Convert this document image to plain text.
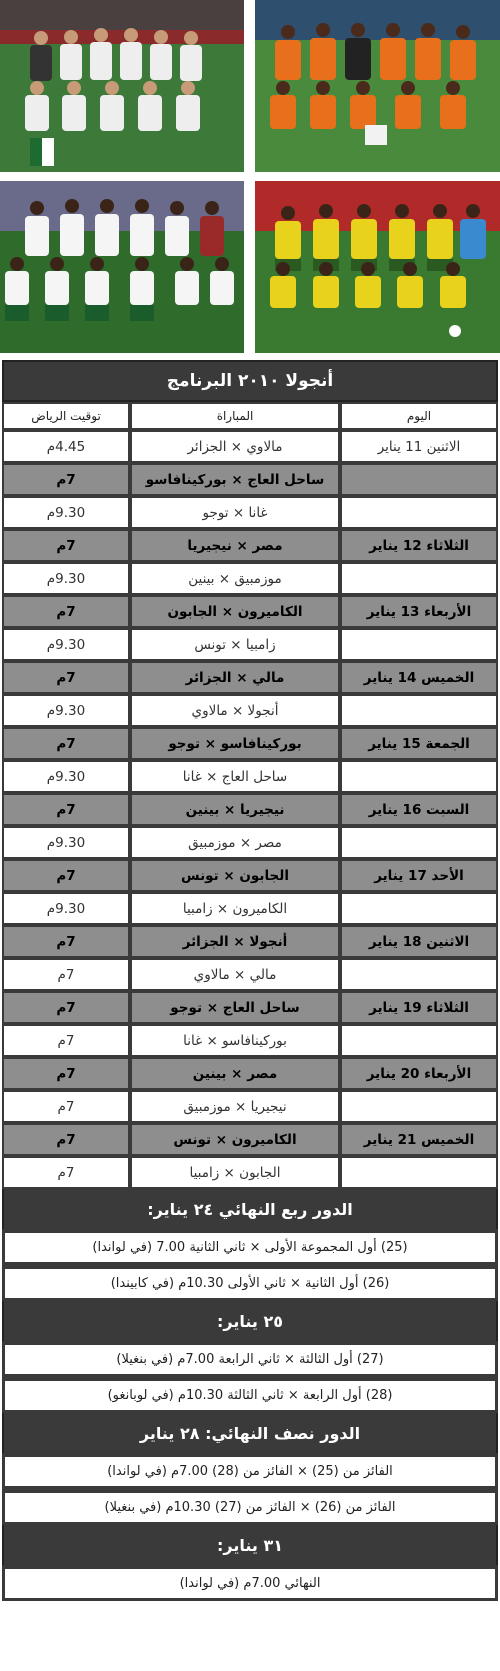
أنجولا ٢٠١٠ البرنامج
اليوم	المباراة	توقيت الرياض
الاثنين 11 يناير	مالاوي × الجزائر	4.45م
	ساحل العاج × بوركينافاسو	7م
	غانا × توجو	9.30م
الثلاثاء 12 يناير	مصر × نيجيريا	7م
	موزمبيق × بينين	9.30م
الأربعاء 13 يناير	الكاميرون × الجابون	7م
	زامبيا × تونس	9.30م
الخميس 14 يناير	مالي × الجزائر	7م
	أنجولا × مالاوي	9.30م
الجمعة 15 يناير	بوركينافاسو × توجو	7م
	ساحل العاج × غانا	9.30م
السبت 16 يناير	نيجيريا × بينين	7م
	مصر × موزمبيق	9.30م
الأحد 17 يناير	الجابون × تونس	7م
	الكاميرون × زامبيا	9.30م
الاثنين 18 يناير	أنجولا × الجزائر	7م
	مالي × مالاوي	7م
الثلاثاء 19 يناير	ساحل العاج × توجو	7م
	بوركينافاسو × غانا	7م
الأربعاء 20 يناير	مصر × بينين	7م
	نيجيريا × موزمبيق	7م
الخميس 21 يناير	الكاميرون × تونس	7م
	الجابون × زامبيا	7م
الدور ربع النهائي ٢٤ يناير:
(25) أول المجموعة الأولى × ثاني الثانية 7.00 (في لواندا)
(26) أول الثانية × ثاني الأولى 10.30م (في كابيندا)
٢٥ يناير:
(27) أول الثالثة × ثاني الرابعة 7.00م (في بنغيلا)
(28) أول الرابعة × ثاني الثالثة 10.30م (في لوبانغو)
الدور نصف النهائي: ٢٨ يناير
الفائز من (25) × الفائز من (28) 7.00م (في لواندا)
الفائز من (26) × الفائز من (27) 10.30م (في بنغيلا)
٣١ يناير:
النهائي 7.00م (في لواندا)
